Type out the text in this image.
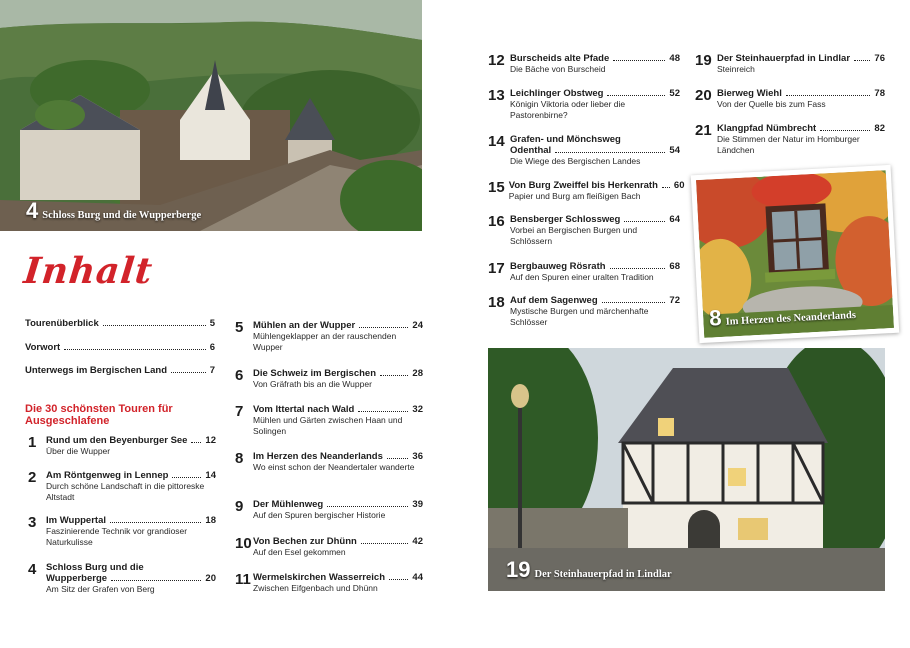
4 Schloss Burg und die Wupperberge
8 Im Herzen des Neanderlands
19 Der Steinhauerpfad in Lindlar
Inhalt
Tourenüberblick	5
Vorwort	6
Unterwegs im Bergischen Land	7
Die 30 schönsten Touren für Ausgeschlafene
1	Rund um den Beyenburger See 12
Über die Wupper
2	Am Röntgenweg in Lennep	14
Durch schöne Landschaft in die pittoreske Altstadt
3	Im Wuppertal	18
Faszinierende Technik vor grandioser Naturkulisse
4	Schloss Burg und die
Wupperberge	20
Am Sitz der Grafen von Berg
5	Mühlen an der Wupper	24
Mühlengeklapper an der rauschenden Wupper
6	Die Schweiz im Bergischen	28
Von Gräfrath bis an die Wupper
7	Vom Ittertal nach Wald	32
Mühlen und Gärten zwischen Haan und Solingen
8	Im Herzen des Neanderlands	36
Wo einst schon der Neandertaler wanderte
9	Der Mühlenweg	39
Auf den Spuren bergischer Historie
10 Von Bechen zur Dhünn	42
Auf den Esel gekommen
11 Wermelskirchen Wasserreich	44
Zwischen Eifgenbach und Dhünn
12 Burscheids alte Pfade	48
Die Bäche von Burscheid
13 Leichlinger Obstweg	52
Königin Viktoria oder lieber die Pastorenbirne?
14 Grafen- und Mönchsweg
Odenthal	54
Die Wiege des Bergischen Landes
15 Von Burg Zweiffel bis Herkenrath 60
Papier und Burg am fleißigen Bach
16 Bensberger Schlossweg	64
Vorbei an Bergischen Burgen und Schlössern
17 Bergbauweg Rösrath	68
Auf den Spuren einer uralten Tradition
18 Auf dem Sagenweg	72
Mystische Burgen und märchenhafte Schlösser
19 Der Steinhauerpfad in Lindlar	76
Steinreich
20 Bierweg Wiehl	78
Von der Quelle bis zum Fass
21 Klangpfad Nümbrecht	82
Die Stimmen der Natur im Homburger Ländchen
